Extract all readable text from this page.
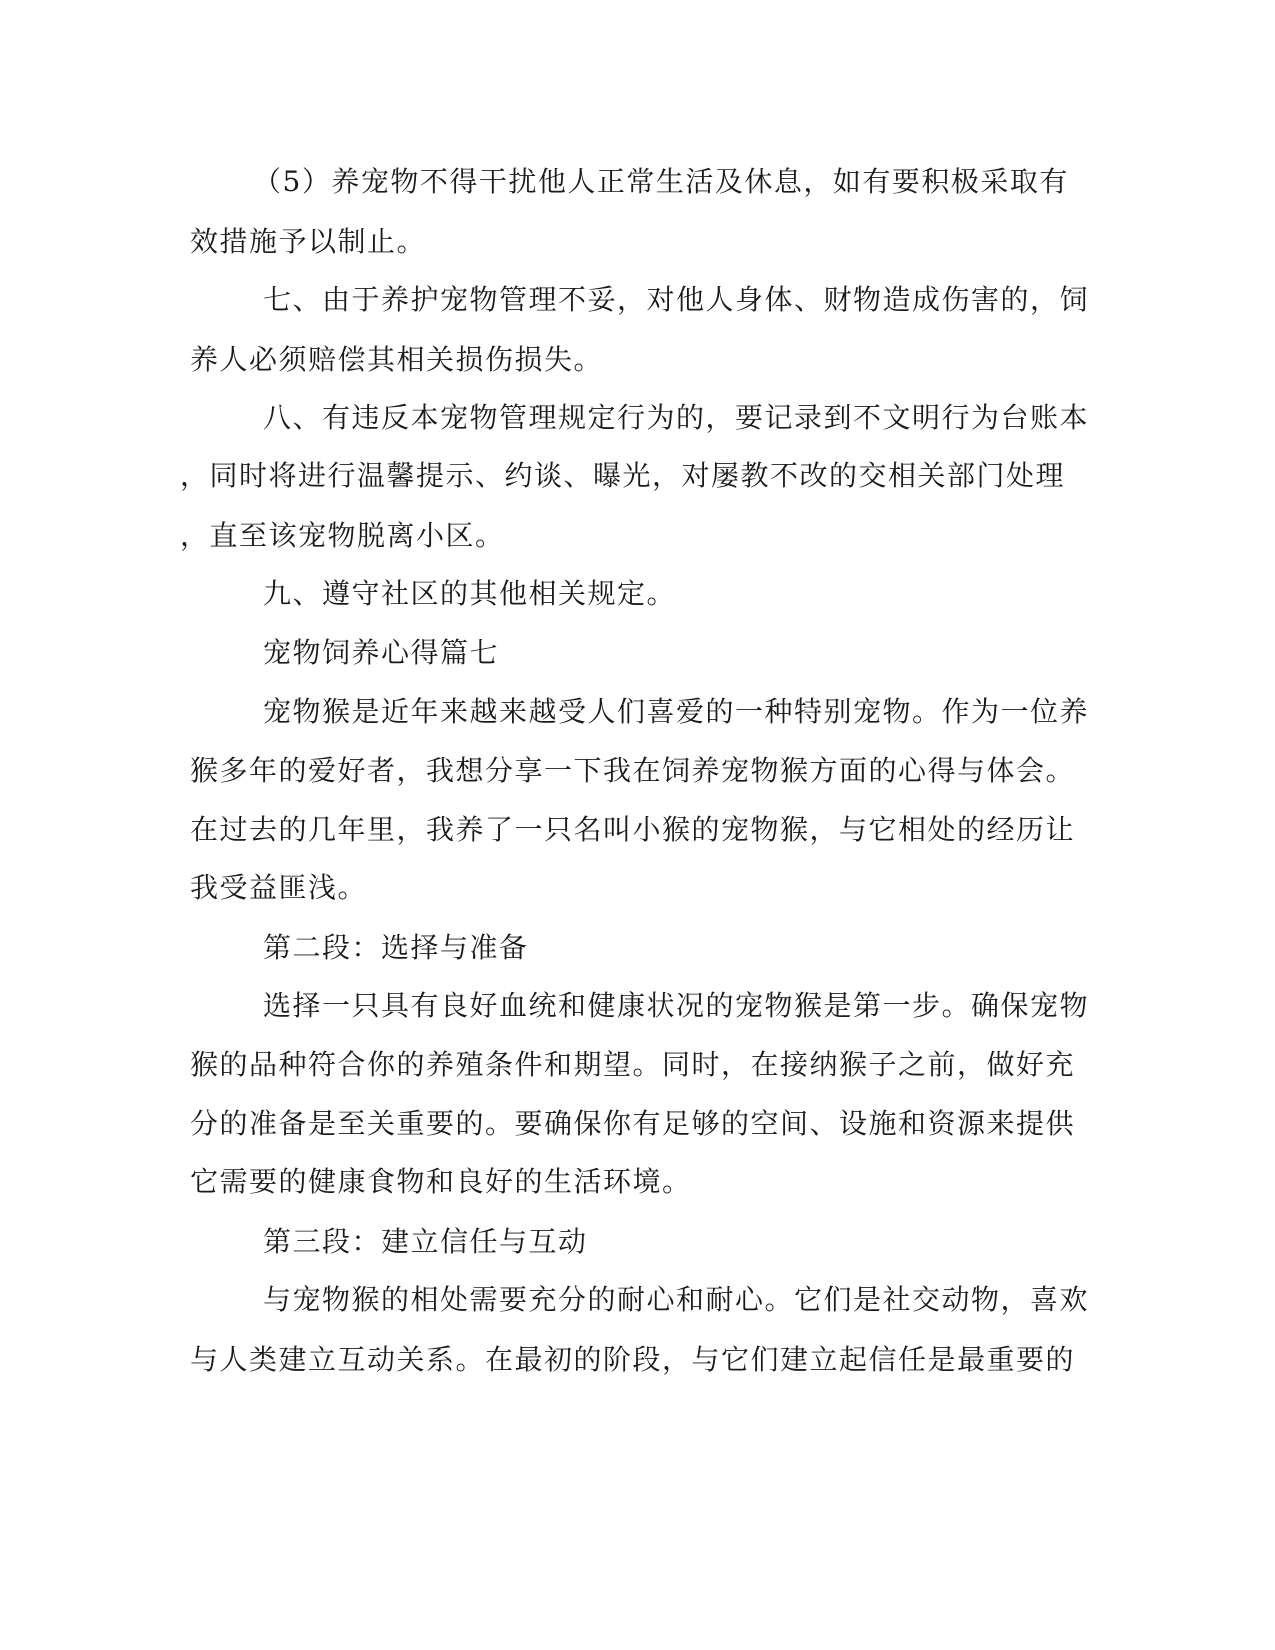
（5）养宠物不得干扰他人正常生活及休息，如有要积极采取有
效措施予以制止。
七、由于养护宠物管理不妥，对他人身体、财物造成伤害的，饲
养人必须赔偿其相关损伤损失。
八、有违反本宠物管理规定行为的，要记录到不文明行为台账本
，同时将进行温馨提示、约谈、曝光，对屡教不改的交相关部门处理
，直至该宠物脱离小区。
九、遵守社区的其他相关规定。
宠物饲养心得篇七
宠物猴是近年来越来越受人们喜爱的一种特别宠物。作为一位养
猴多年的爱好者，我想分享一下我在饲养宠物猴方面的心得与体会。
在过去的几年里，我养了一只名叫小猴的宠物猴，与它相处的经历让
我受益匪浅。
第二段：选择与准备
选择一只具有良好血统和健康状况的宠物猴是第一步。确保宠物
猴的品种符合你的养殖条件和期望。同时，在接纳猴子之前，做好充
分的准备是至关重要的。要确保你有足够的空间、设施和资源来提供
它需要的健康食物和良好的生活环境。
第三段：建立信任与互动
与宠物猴的相处需要充分的耐心和耐心。它们是社交动物，喜欢
与人类建立互动关系。在最初的阶段，与它们建立起信任是最重要的
